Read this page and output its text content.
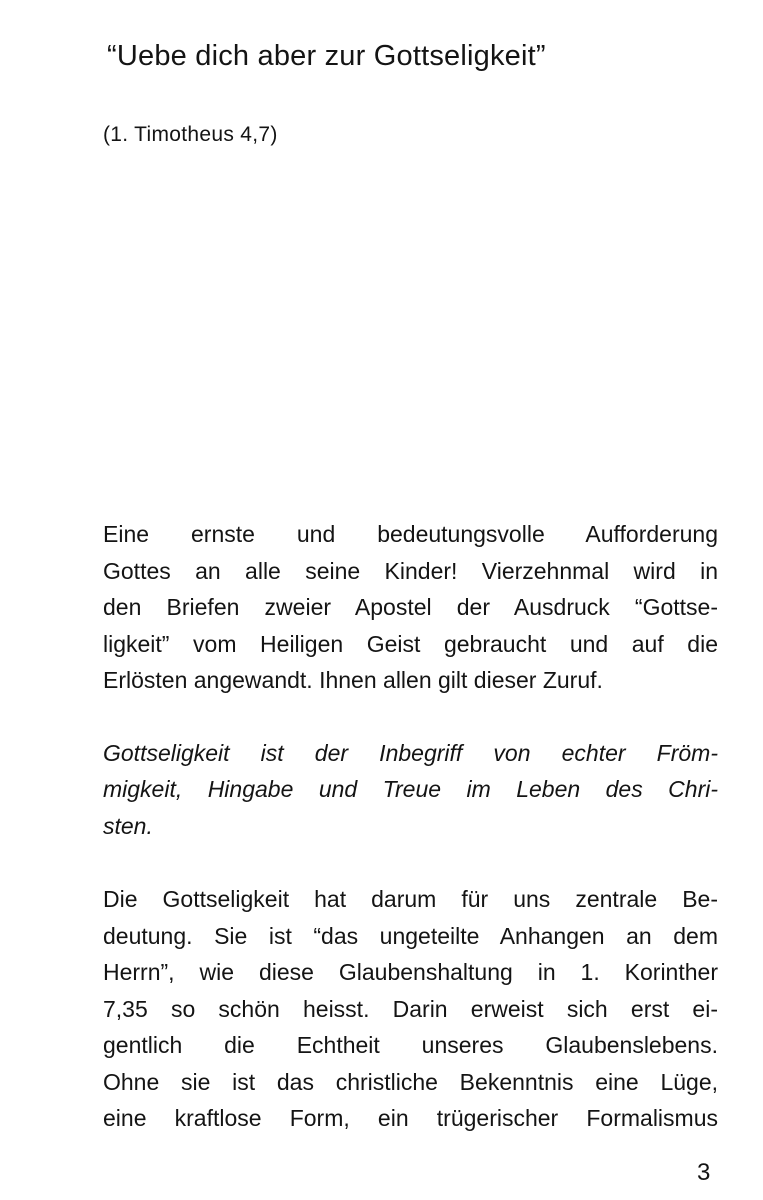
“Uebe dich aber zur Gottseligkeit”
(1. Timotheus 4,7)
Eine ernste und bedeutungsvolle Aufforderung
Gottes an alle seine Kinder! Vierzehnmal wird in
den Briefen zweier Apostel der Ausdruck “Gottse-
ligkeit” vom Heiligen Geist gebraucht und auf die
Erlösten angewandt. Ihnen allen gilt dieser Zuruf.
Gottseligkeit ist der Inbegriff von echter Fröm-
migkeit, Hingabe und Treue im Leben des Chri-
sten.
Die Gottseligkeit hat darum für uns zentrale Be-
deutung. Sie ist “das ungeteilte Anhangen an dem
Herrn”, wie diese Glaubenshaltung in 1. Korinther
7,35 so schön heisst. Darin erweist sich erst ei-
gentlich die Echtheit unseres Glaubenslebens.
Ohne sie ist das christliche Bekenntnis eine Lüge,
eine kraftlose Form, ein trügerischer Formalismus
3
